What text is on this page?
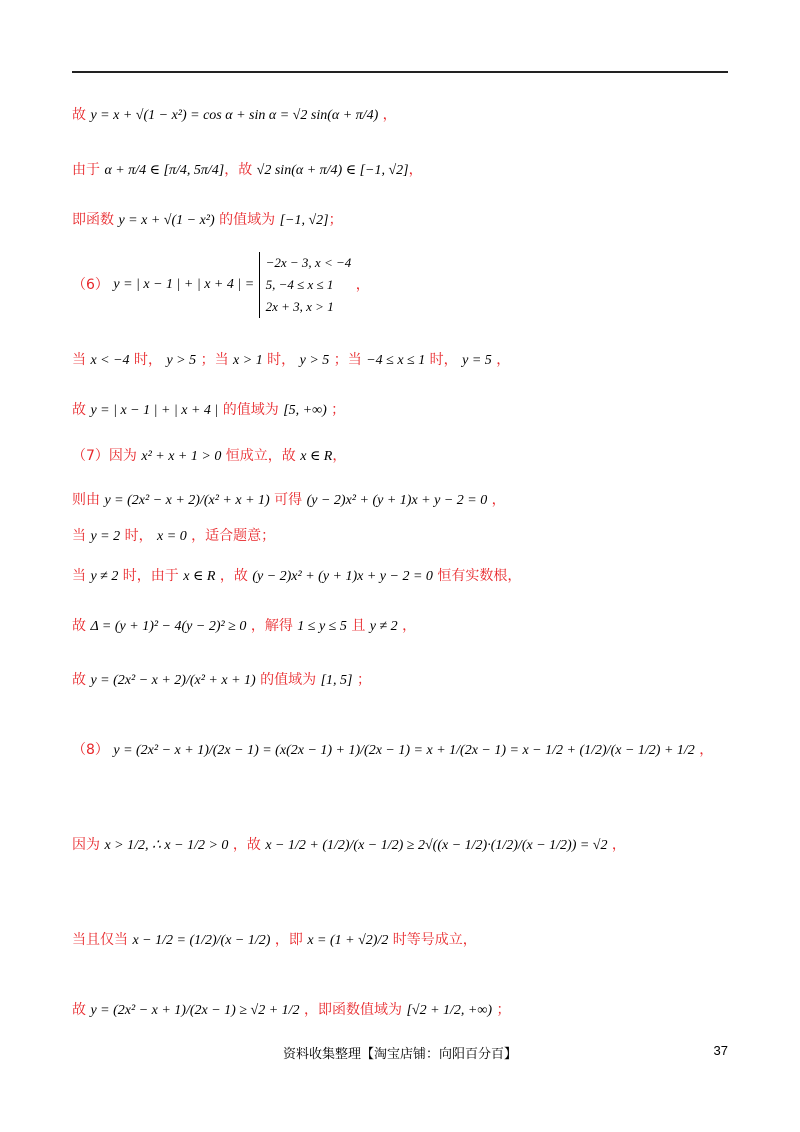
故 y = x + √(1 − x²) = cos α + sin α = √2 sin(α + π/4) ，
由于 α + π/4 ∈ [π/4, 5π/4]，故 √2 sin(α + π/4) ∈ [−1, √2]，
即函数 y = x + √(1 − x²) 的值域为 [−1, √2]；
当 x < −4 时， y > 5 ；当 x > 1 时， y > 5 ；当 −4 ≤ x ≤ 1 时， y = 5 ，
故 y = | x − 1 | + | x + 4 | 的值域为 [5, +∞) ；
（7）因为 x² + x + 1 > 0 恒成立，故 x ∈ R，
则由 y = (2x² − x + 2)/(x² + x + 1) 可得 (y − 2)x² + (y + 1)x + y − 2 = 0 ，
当 y = 2 时， x = 0 ，适合题意；
当 y ≠ 2 时，由于 x ∈ R ，故 (y − 2)x² + (y + 1)x + y − 2 = 0 恒有实数根，
故 Δ = (y + 1)² − 4(y − 2)² ≥ 0 ，解得 1 ≤ y ≤ 5 且 y ≠ 2 ，
故 y = (2x² − x + 2)/(x² + x + 1) 的值域为 [1, 5] ；
（8） y = (2x² − x + 1)/(2x − 1) = (x(2x − 1) + 1)/(2x − 1) = x + 1/(2x − 1) = x − 1/2 + (1/2)/(x − 1/2) + 1/2 ，
因为 x > 1/2, ∴ x − 1/2 > 0 ，故 x − 1/2 + (1/2)/(x − 1/2) ≥ 2√((x − 1/2)·(1/2)/(x − 1/2)) = √2 ，
当且仅当 x − 1/2 = (1/2)/(x − 1/2) ，即 x = (1 + √2)/2 时等号成立，
故 y = (2x² − x + 1)/(2x − 1) ≥ √2 + 1/2 ，即函数值域为 [√2 + 1/2, +∞) ；
（6） y = | x − 1 | + | x + 4 | =
−2x − 3, x < −4
5, −4 ≤ x ≤ 1
2x + 3, x > 1
，
资料收集整理【淘宝店铺：向阳百分百】	37
